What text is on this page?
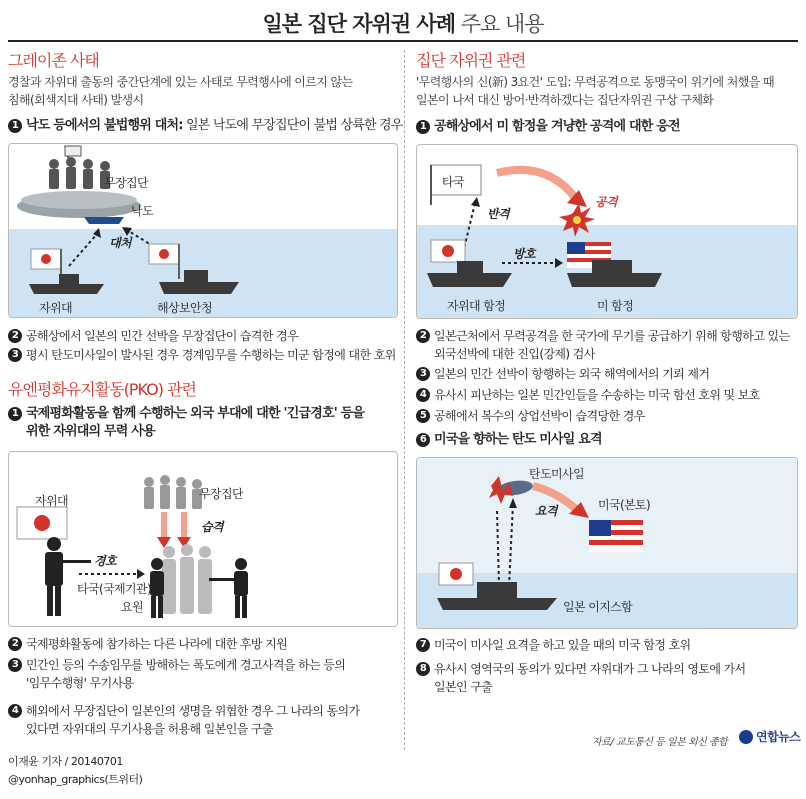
일본 집단 자위권 사례 주요 내용
그레이존 사태
경찰과 자위대 출동의 중간단계에 있는 사태로 무력행사에 이르지 않는
침해(회색지대 사태) 발생시
1 낙도 등에서의 불법행위 대처: 일본 낙도에 무장집단이 불법 상륙한 경우
무장집단
낙도
대처
자위대	해상보안청
2 공해상에서 일본의 민간 선박을 무장집단이 습격한 경우
3 평시 탄도미사일이 발사된 경우 경계임무를 수행하는 미군 함정에 대한 호위
유엔평화유지활동(PKO) 관련
1 국제평화활동을 함께 수행하는 외국 부대에 대한 '긴급경호' 등을
위한 자위대의 무력 사용
무장집단
습격
자위대
경호
타국(국제기관)
요원
2 국제평화활동에 참가하는 다른 나라에 대한 후방 지원
3 민간인 등의 수송임무를 방해하는 폭도에게 경고사격을 하는 등의
'임무수행형' 무기사용
4 해외에서 무장집단이 일본인의 생명을 위협한 경우 그 나라의 동의가
있다면 자위대의 무기사용을 허용해 일본인을 구출
집단 자위권 관련
'무력행사의 신(新) 3요건' 도입: 무력공격으로 동맹국이 위기에 처했을 때
일본이 나서 대신 방어·반격하겠다는 집단자위권 구상 구체화
1 공해상에서 미 함정을 겨냥한 공격에 대한 응전
타국
공격
반격
방호
자위대 함정	미 함정
2 일본근처에서 무력공격을 한 국가에 무기를 공급하기 위해 항행하고 있는
외국선박에 대한 진입(강제) 검사
3 일본의 민간 선박이 항행하는 외국 해역에서의 기뢰 제거
4 유사시 피난하는 일본 민간인들을 수송하는 미국 함선 호위 및 보호
5 공해에서 복수의 상업선박이 습격당한 경우
6 미국을 향하는 탄도 미사일 요격
탄도미사일
요격	미국(본토)
일본 이지스함
7 미국이 미사일 요격을 하고 있을 때의 미국 함정 호위
8 유사시 영역국의 동의가 있다면 자위대가 그 나라의 영토에 가서
일본인 구출
자료/ 교도통신 등 일본 외신 종합 연합뉴스
이재윤 기자 / 20140701
@yonhap_graphics(트위터)
